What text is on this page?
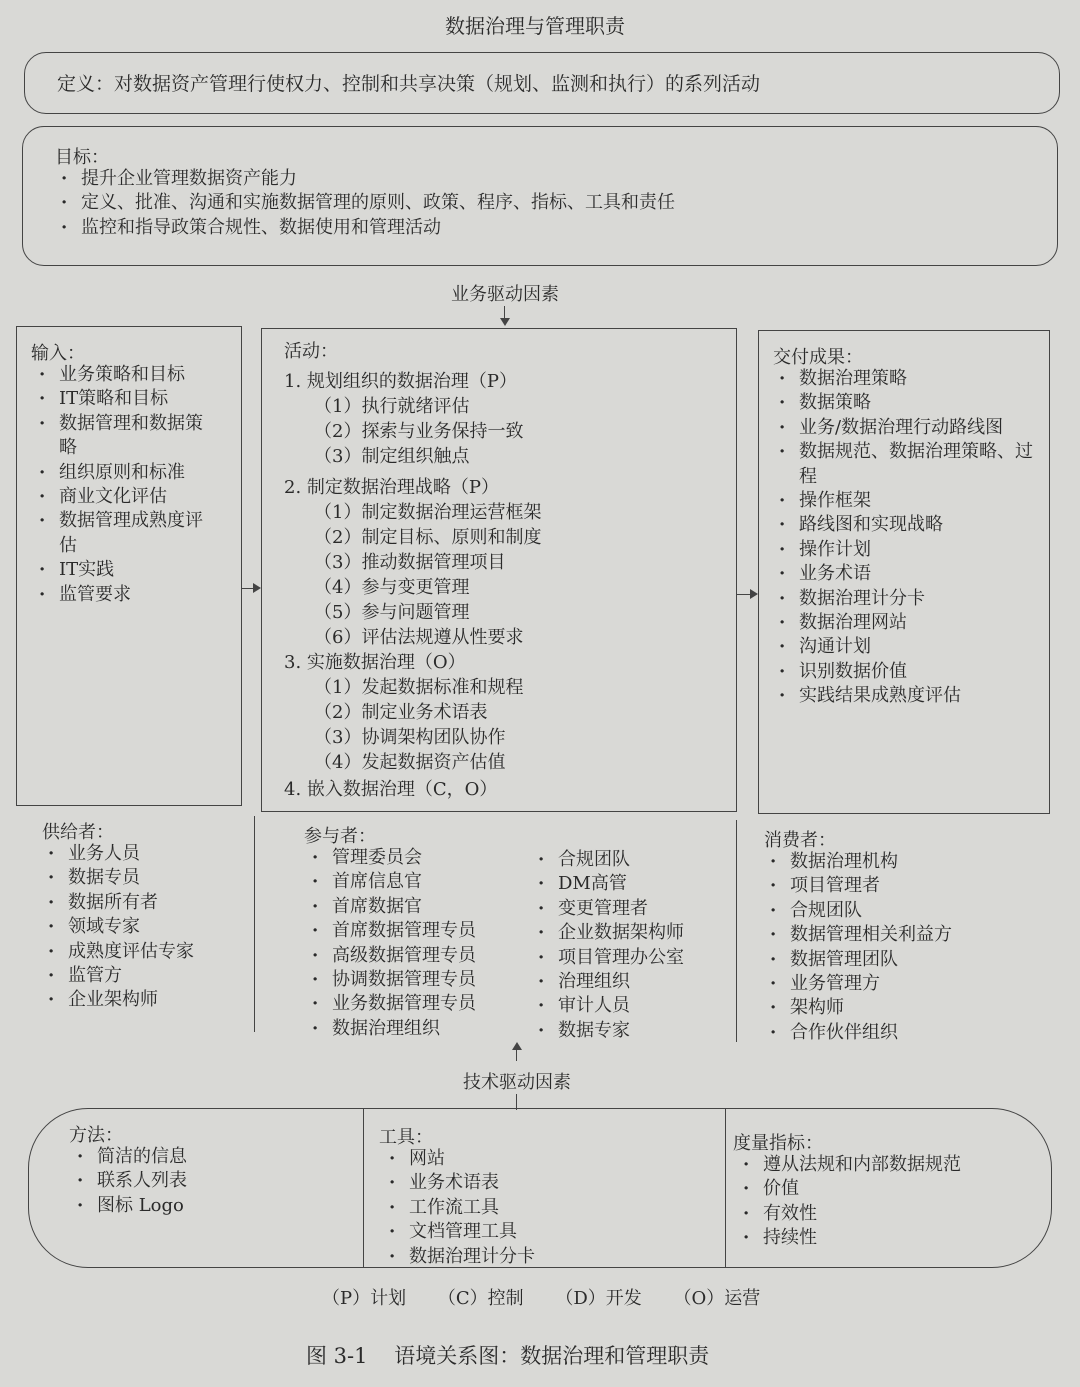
数据治理与管理职责
定义：对数据资产管理行使权力、控制和共享决策（规划、监测和执行）的系列活动
目标：
· 提升企业管理数据资产能力
· 定义、批准、沟通和实施数据管理的原则、政策、程序、指标、工具和责任
· 监控和指导政策合规性、数据使用和管理活动
业务驱动因素
输入：
· 业务策略和目标
· IT策略和目标
· 数据管理和数据策略
· 组织原则和标准
· 商业文化评估
· 数据管理成熟度评估
· IT实践
· 监管要求
活动：
1. 规划组织的数据治理（P）
（1）执行就绪评估
（2）探索与业务保持一致
（3）制定组织触点
2. 制定数据治理战略（P）
（1）制定数据治理运营框架
（2）制定目标、原则和制度
（3）推动数据管理项目
（4）参与变更管理
（5）参与问题管理
（6）评估法规遵从性要求
3. 实施数据治理（O）
（1）发起数据标准和规程
（2）制定业务术语表
（3）协调架构团队协作
（4）发起数据资产估值
4. 嵌入数据治理（C，O）
交付成果：
· 数据治理策略
· 数据策略
· 业务/数据治理行动路线图
· 数据规范、数据治理策略、过程
· 操作框架
· 路线图和实现战略
· 操作计划
· 业务术语
· 数据治理计分卡
· 数据治理网站
· 沟通计划
· 识别数据价值
· 实践结果成熟度评估
供给者：
· 业务人员
· 数据专员
· 数据所有者
· 领域专家
· 成熟度评估专家
· 监管方
· 企业架构师
参与者：
· 管理委员会
· 首席信息官
· 首席数据官
· 首席数据管理专员
· 高级数据管理专员
· 协调数据管理专员
· 业务数据管理专员
· 数据治理组织
· 合规团队
· DM高管
· 变更管理者
· 企业数据架构师
· 项目管理办公室
· 治理组织
· 审计人员
· 数据专家
消费者：
· 数据治理机构
· 项目管理者
· 合规团队
· 数据管理相关利益方
· 数据管理团队
· 业务管理方
· 架构师
· 合作伙伴组织
技术驱动因素
方法：
· 简洁的信息
· 联系人列表
· 图标 Logo
工具：
· 网站
· 业务术语表
· 工作流工具
· 文档管理工具
· 数据治理计分卡
度量指标：
· 遵从法规和内部数据规范
· 价值
· 有效性
· 持续性
（P）计划 （C）控制 （D）开发 （O）运营
图 3-1    语境关系图：数据治理和管理职责
